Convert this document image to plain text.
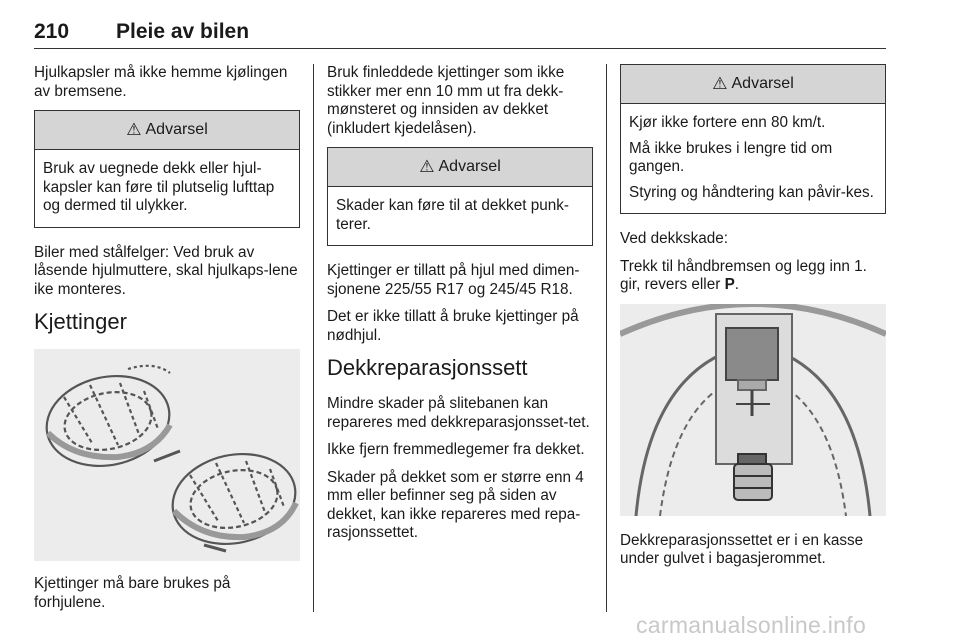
210 Pleie av bilen

Hjulkapsler må ikke hemme kjølingen av bremsene.

⚠ Advarsel

Bruk av uegnede dekk eller hjul-kapsler kan føre til plutselig lufttap og dermed til ulykker.

Biler med stålfelger: Ved bruk av låsende hjulmuttere, skal hjulkaps-lene ike monteres.

Kjettinger

Kjettinger må bare brukes på forhjulene.

Bruk finleddede kjettinger som ikke stikker mer enn 10 mm ut fra dekk-mønsteret og innsiden av dekket (inkludert kjedelåsen).

⚠ Advarsel

Skader kan føre til at dekket punk-terer.

Kjettinger er tillatt på hjul med dimen-sjonene 225/55 R17 og 245/45 R18.

Det er ikke tillatt å bruke kjettinger på nødhjul.

Dekkreparasjonssett

Mindre skader på slitebanen kan repareres med dekkreparasjonsset-tet.

Ikke fjern fremmedlegemer fra dekket.

Skader på dekket som er større enn 4 mm eller befinner seg på siden av dekket, kan ikke repareres med repa-rasjonssettet.

⚠ Advarsel

Kjør ikke fortere enn 80 km/t.

Må ikke brukes i lengre tid om gangen.

Styring og håndtering kan påvir-kes.

Ved dekkskade:

Trekk til håndbremsen og legg inn 1. gir, revers eller P.

Dekkreparasjonssettet er i en kasse under gulvet i bagasjerommet.

carmanualsonline.info
